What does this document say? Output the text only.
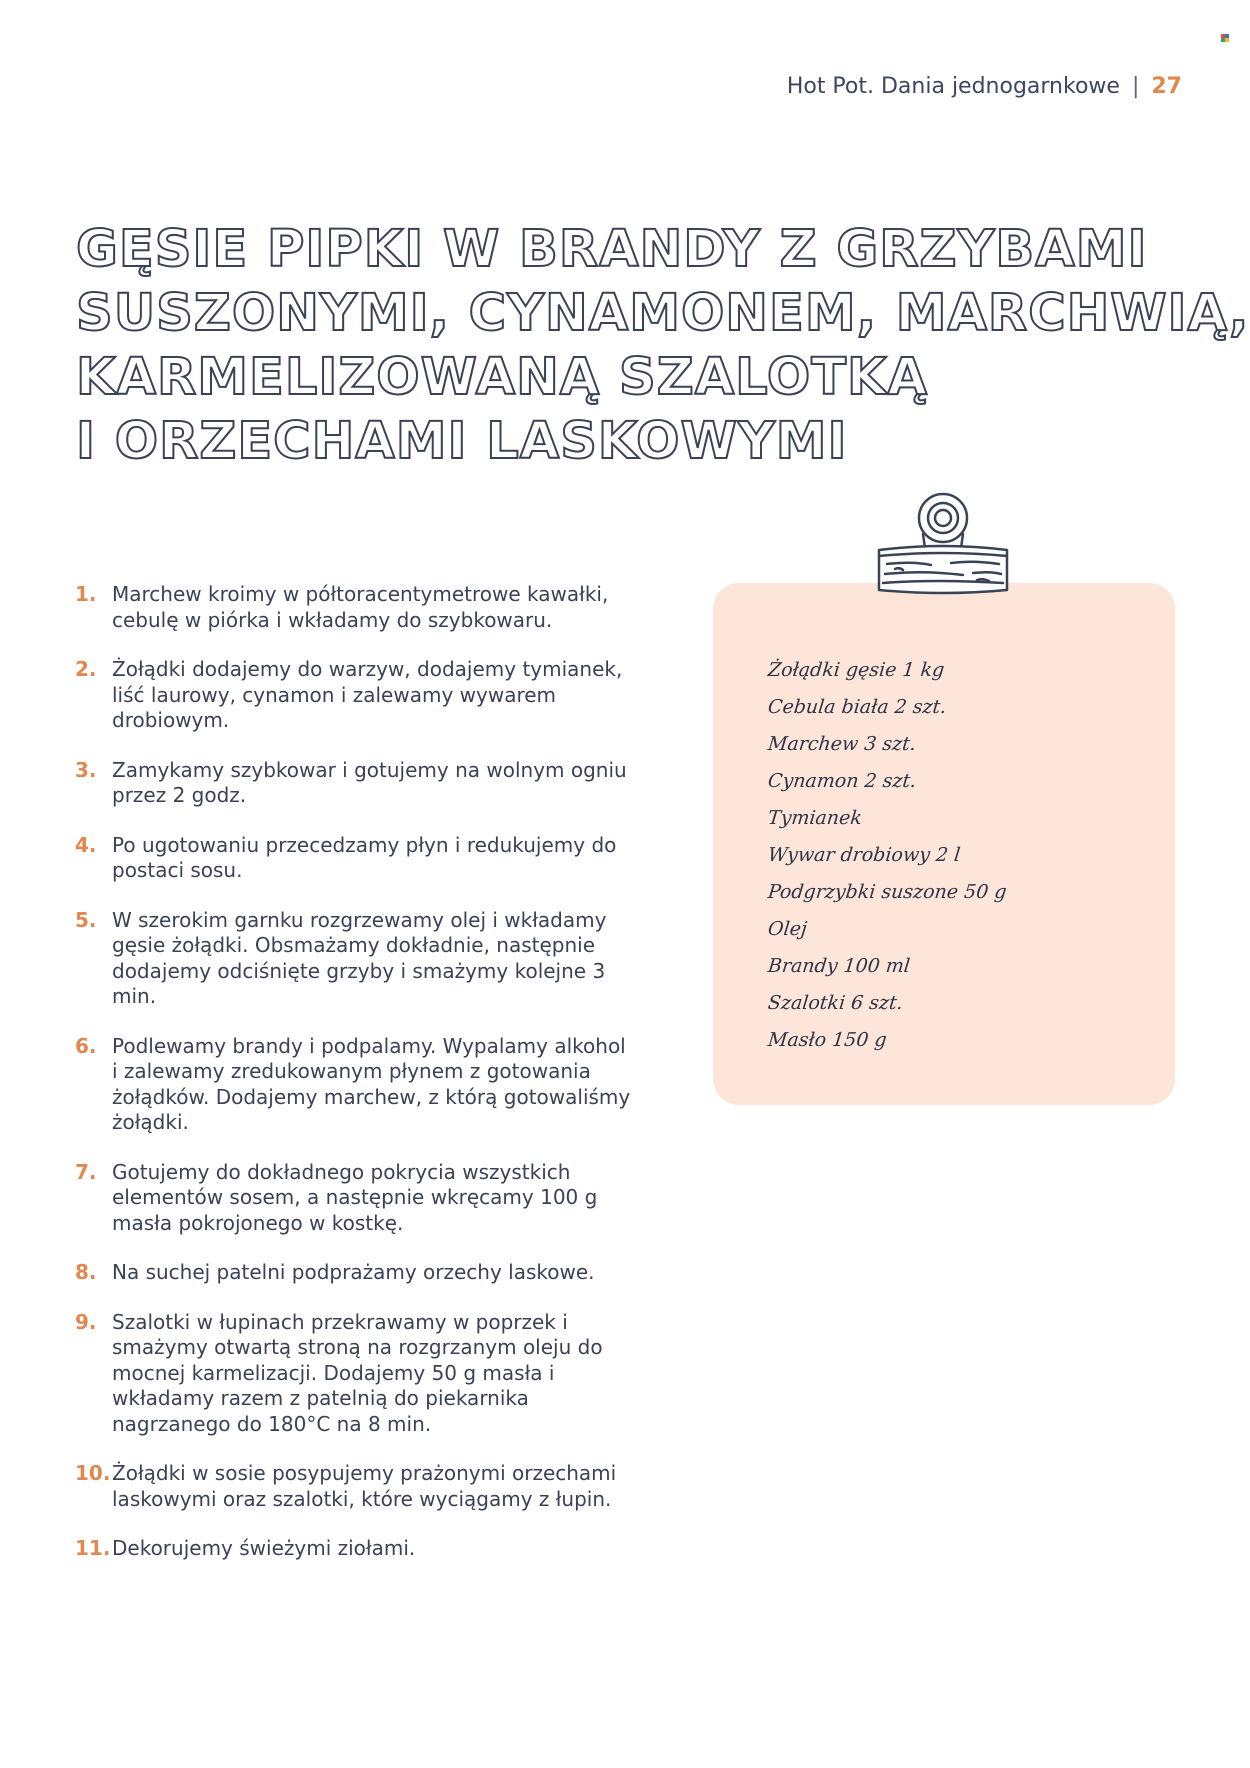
Hot Pot. Dania jednogarnkowe | 27
GĘSIE PIPKI W BRANDY Z GRZYBAMI
SUSZONYMI, CYNAMONEM, MARCHWIĄ,
KARMELIZOWANĄ SZALOTKĄ
I ORZECHAMI LASKOWYMI
1. Marchew kroimy w półtoracentymetrowe kawałki, cebulę w piórka i wkładamy do szybkowaru.
2. Żołądki dodajemy do warzyw, dodajemy tymianek, liść laurowy, cynamon i zalewamy wywarem drobiowym.
3. Zamykamy szybkowar i gotujemy na wolnym ogniu przez 2 godz.
4. Po ugotowaniu przecedzamy płyn i redukujemy do postaci sosu.
5. W szerokim garnku rozgrzewamy olej i wkładamy gęsie żołądki. Obsmażamy dokładnie, następnie dodajemy odciśnięte grzyby i smażymy kolejne 3 min.
6. Podlewamy brandy i podpalamy. Wypalamy alkohol i zalewamy zredukowanym płynem z gotowania żołądków. Dodajemy marchew, z którą gotowaliśmy żołądki.
7. Gotujemy do dokładnego pokrycia wszystkich elementów sosem, a następnie wkręcamy 100 g masła pokrojonego w kostkę.
8. Na suchej patelni podprażamy orzechy laskowe.
9. Szalotki w łupinach przekrawamy w poprzek i smażymy otwartą stroną na rozgrzanym oleju do mocnej karmelizacji. Dodajemy 50 g masła i wkładamy razem z patelnią do piekarnika nagrzanego do 180°C na 8 min.
10. Żołądki w sosie posypujemy prażonymi orzechami laskowymi oraz szalotki, które wyciągamy z łupin.
11. Dekorujemy świeżymi ziołami.
Żołądki gęsie 1 kg
Cebula biała 2 szt.
Marchew 3 szt.
Cynamon 2 szt.
Tymianek
Wywar drobiowy 2 l
Podgrzybki suszone 50 g
Olej
Brandy 100 ml
Szalotki 6 szt.
Masło 150 g
